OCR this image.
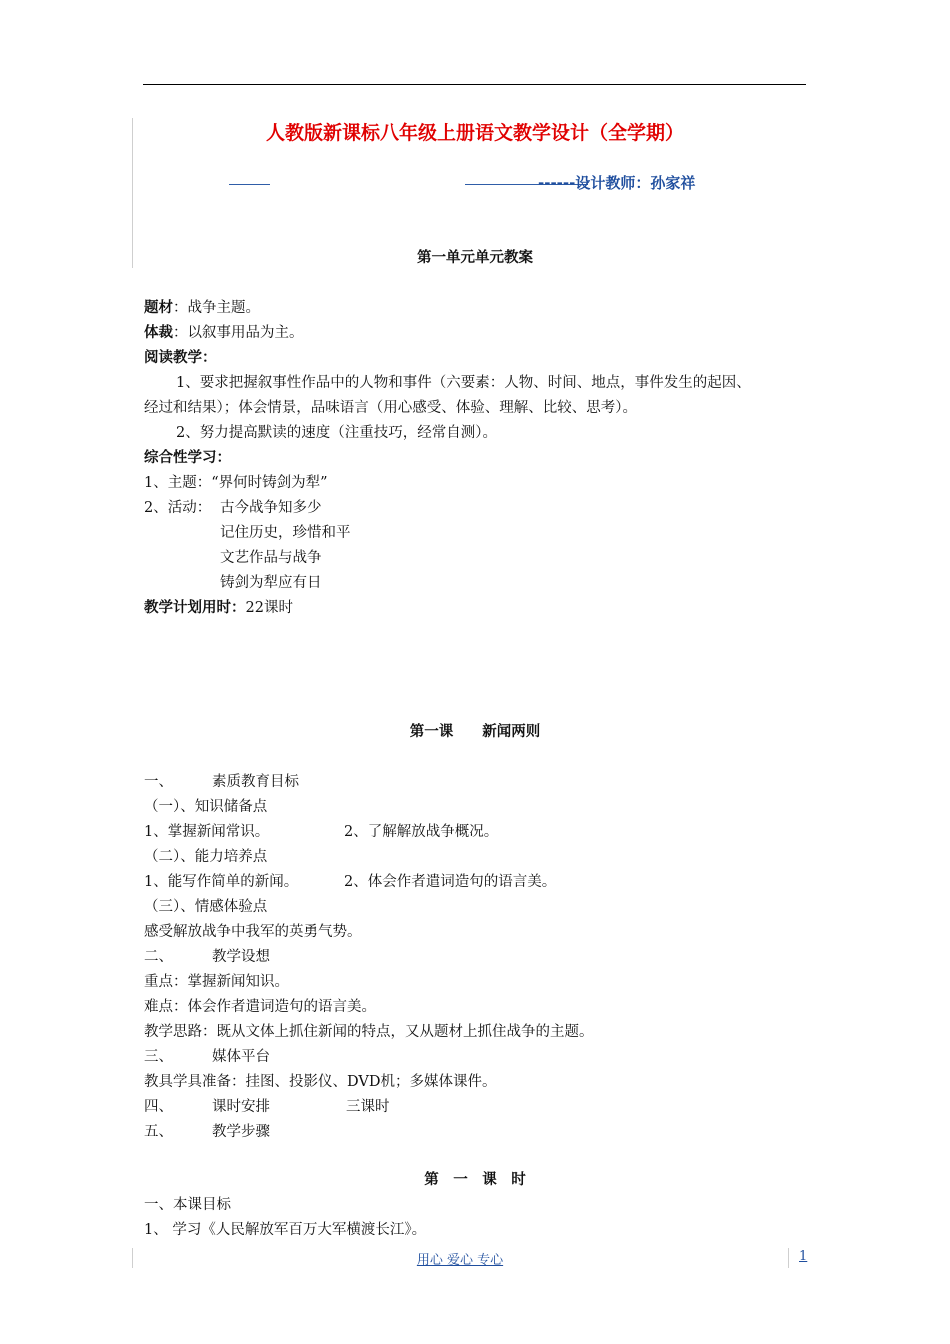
人教版新课标八年级上册语文教学设计（全学期）
------设计教师：孙家祥
第一单元单元教案
题材：战争主题。
体裁：以叙事用品为主。
阅读教学：
1、要求把握叙事性作品中的人物和事件（六要素：人物、时间、地点，事件发生的起因、
经过和结果）；体会情景，品味语言（用心感受、体验、理解、比较、思考）。
2、努力提高默读的速度（注重技巧，经常自测）。
综合性学习：
1、主题：“界何时铸剑为犁”
2、活动： 古今战争知多少
记住历史，珍惜和平
文艺作品与战争
铸剑为犁应有日
教学计划用时：22课时
第一课　　新闻两则
一、	素质教育目标
（一）、知识储备点
1、掌握新闻常识。	2、了解解放战争概况。
（二）、能力培养点
1、能写作简单的新闻。	2、体会作者遣词造句的语言美。
（三）、情感体验点
感受解放战争中我军的英勇气势。
二、	教学设想
重点：掌握新闻知识。
难点：体会作者遣词造句的语言美。
教学思路：既从文体上抓住新闻的特点，又从题材上抓住战争的主题。
三、	媒体平台
教具学具准备：挂图、投影仪、DVD机；多媒体课件。
四、	课时安排	三课时
五、	教学步骤
第　一　课　时
一、本课目标
1、 学习《人民解放军百万大军横渡长江》。
用心 爱心 专心	1
